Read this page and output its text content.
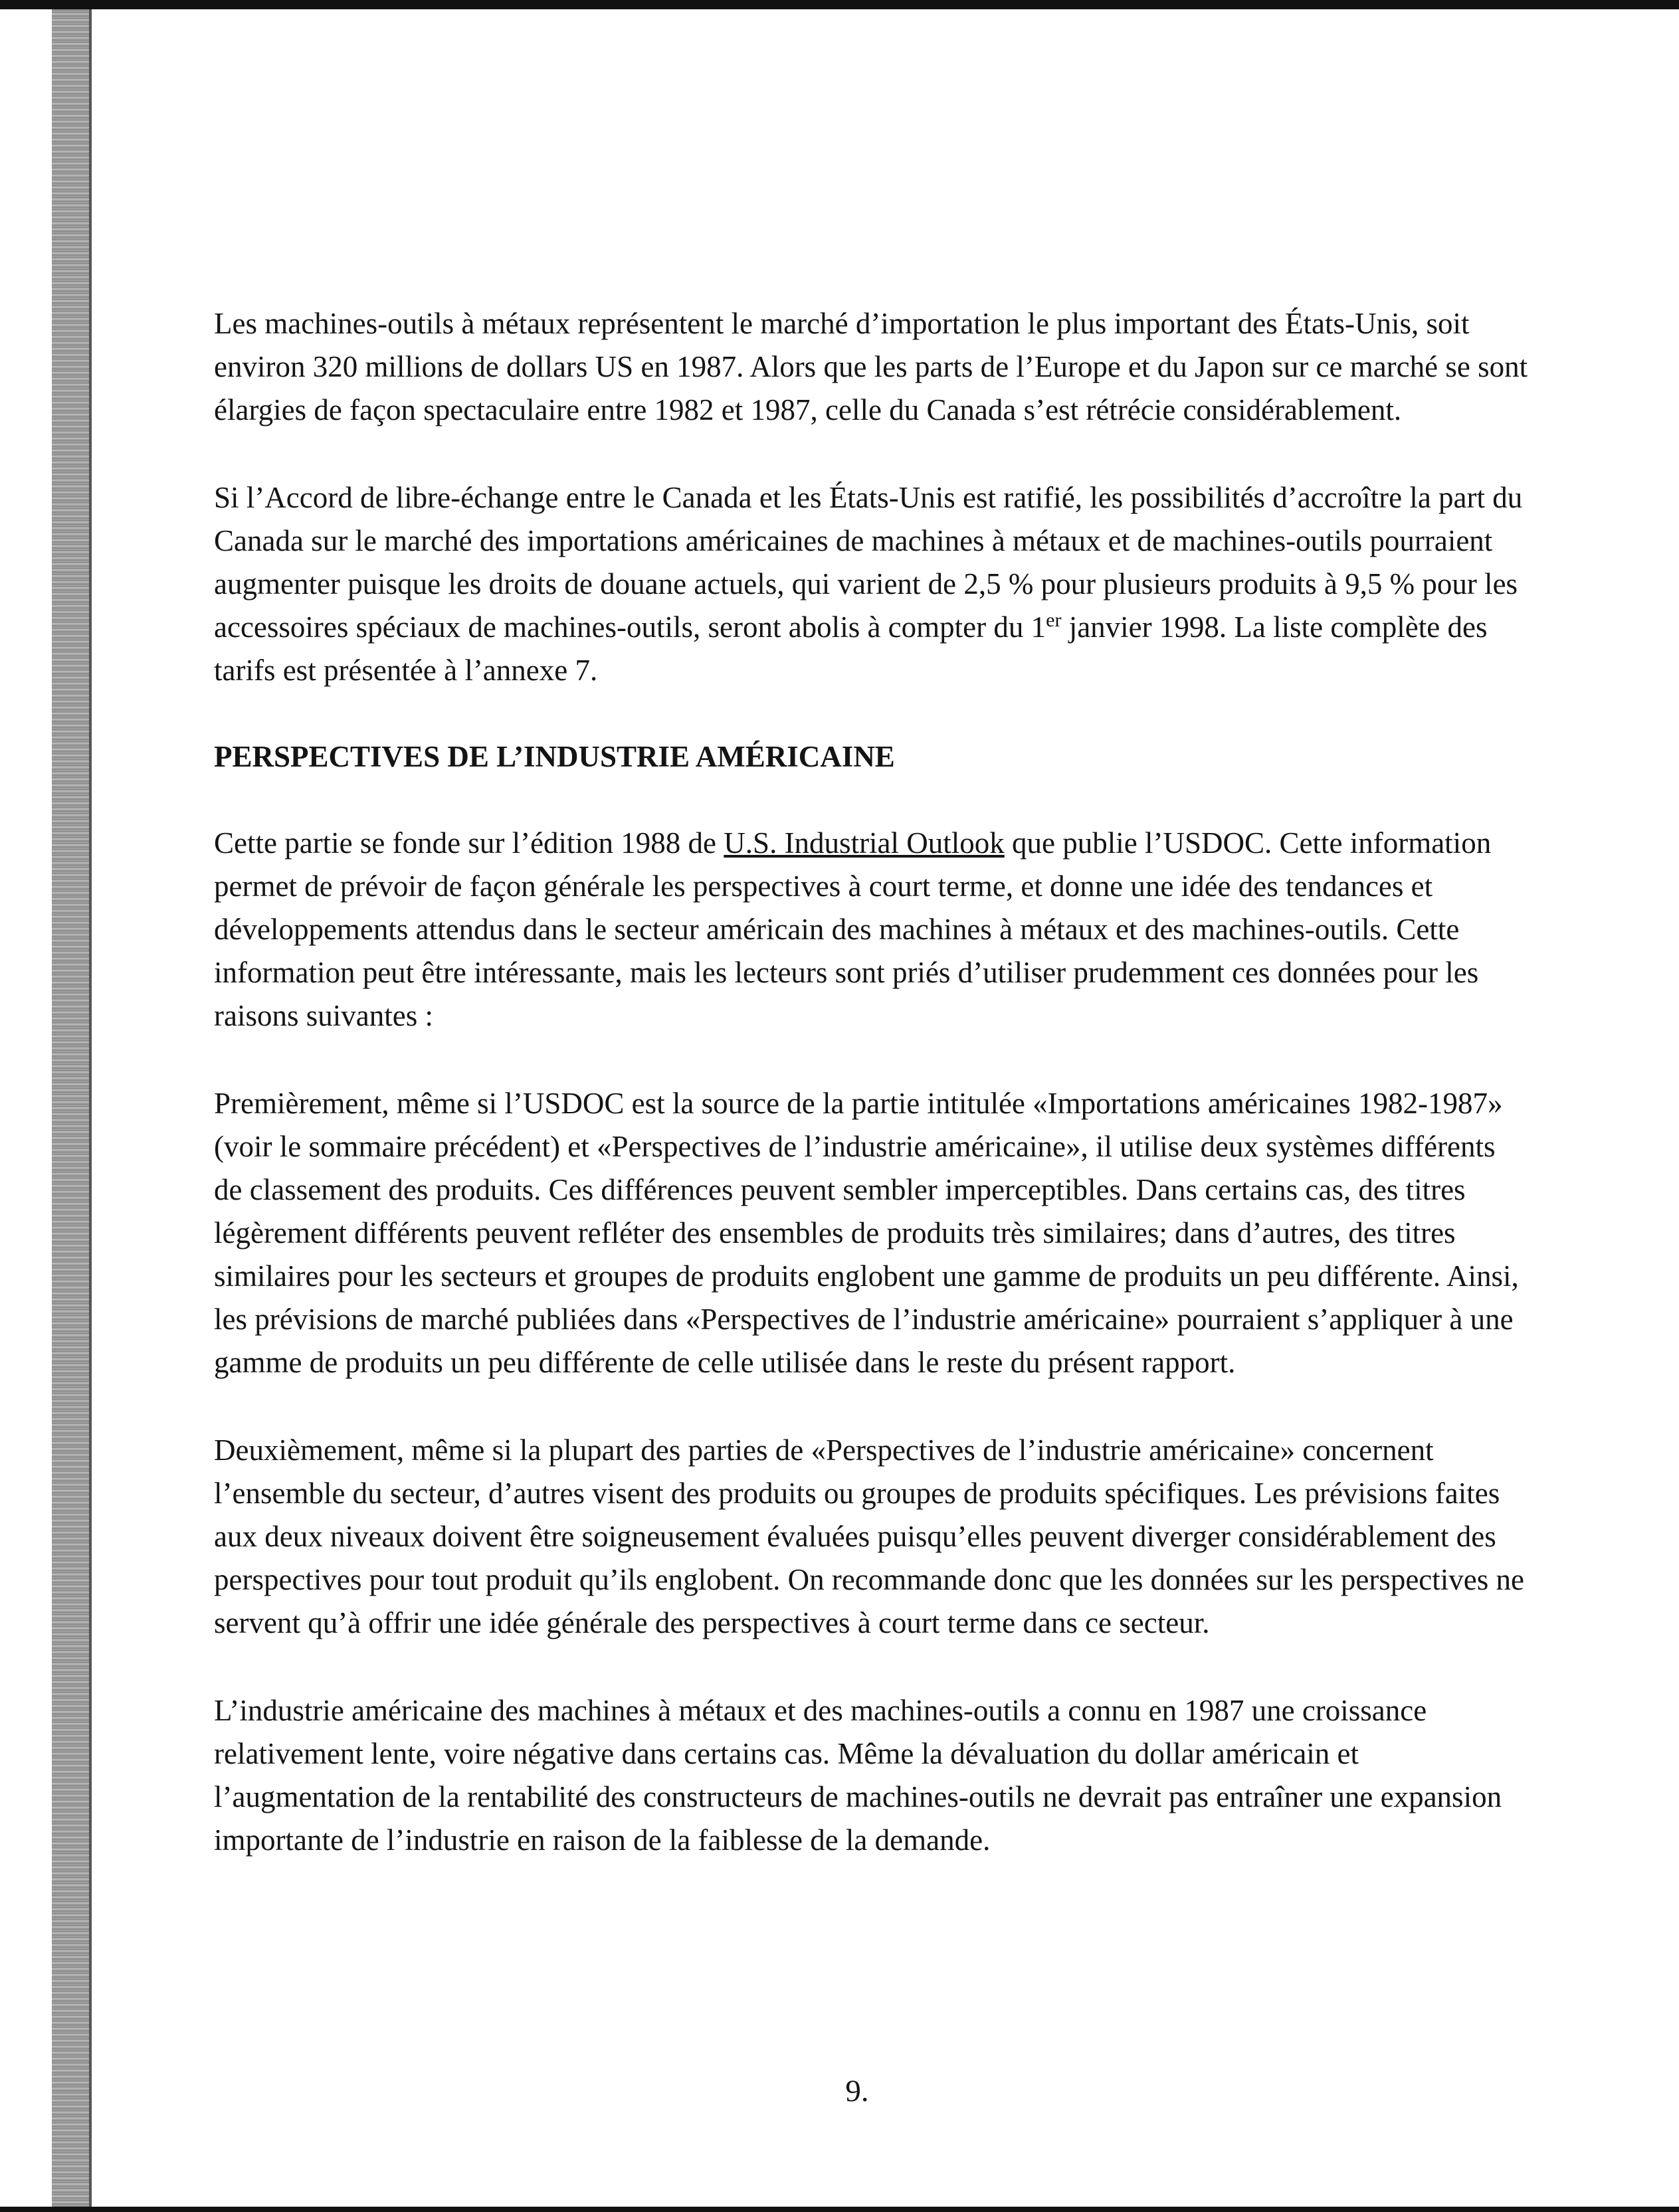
Les machines-outils à métaux représentent le marché d’importation le plus important des États-Unis, soit environ 320 millions de dollars US en 1987. Alors que les parts de l’Europe et du Japon sur ce marché se sont élargies de façon spectaculaire entre 1982 et 1987, celle du Canada s’est rétrécie considérablement.

Si l’Accord de libre-échange entre le Canada et les États-Unis est ratifié, les possibilités d’accroître la part du Canada sur le marché des importations américaines de machines à métaux et de machines-outils pourraient augmenter puisque les droits de douane actuels, qui varient de 2,5 % pour plusieurs produits à 9,5 % pour les accessoires spéciaux de machines-outils, seront abolis à compter du 1er janvier 1998. La liste complète des tarifs est présentée à l’annexe 7.

PERSPECTIVES DE L’INDUSTRIE AMÉRICAINE

Cette partie se fonde sur l’édition 1988 de U.S. Industrial Outlook que publie l’USDOC. Cette information permet de prévoir de façon générale les perspectives à court terme, et donne une idée des tendances et développements attendus dans le secteur américain des machines à métaux et des machines-outils. Cette information peut être intéressante, mais les lecteurs sont priés d’utiliser prudemment ces données pour les raisons suivantes :

Premièrement, même si l’USDOC est la source de la partie intitulée «Importations américaines 1982-1987» (voir le sommaire précédent) et «Perspectives de l’industrie américaine», il utilise deux systèmes différents de classement des produits. Ces différences peuvent sembler imperceptibles. Dans certains cas, des titres légèrement différents peuvent refléter des ensembles de produits très similaires; dans d’autres, des titres similaires pour les secteurs et groupes de produits englobent une gamme de produits un peu différente. Ainsi, les prévisions de marché publiées dans «Perspectives de l’industrie américaine» pourraient s’appliquer à une gamme de produits un peu différente de celle utilisée dans le reste du présent rapport.

Deuxièmement, même si la plupart des parties de «Perspectives de l’industrie américaine» concernent l’ensemble du secteur, d’autres visent des produits ou groupes de produits spécifiques. Les prévisions faites aux deux niveaux doivent être soigneusement évaluées puisqu’elles peuvent diverger considérablement des perspectives pour tout produit qu’ils englobent. On recommande donc que les données sur les perspectives ne servent qu’à offrir une idée générale des perspectives à court terme dans ce secteur.

L’industrie américaine des machines à métaux et des machines-outils a connu en 1987 une croissance relativement lente, voire négative dans certains cas. Même la dévaluation du dollar américain et l’augmentation de la rentabilité des constructeurs de machines-outils ne devrait pas entraîner une expansion importante de l’industrie en raison de la faiblesse de la demande.

9.
